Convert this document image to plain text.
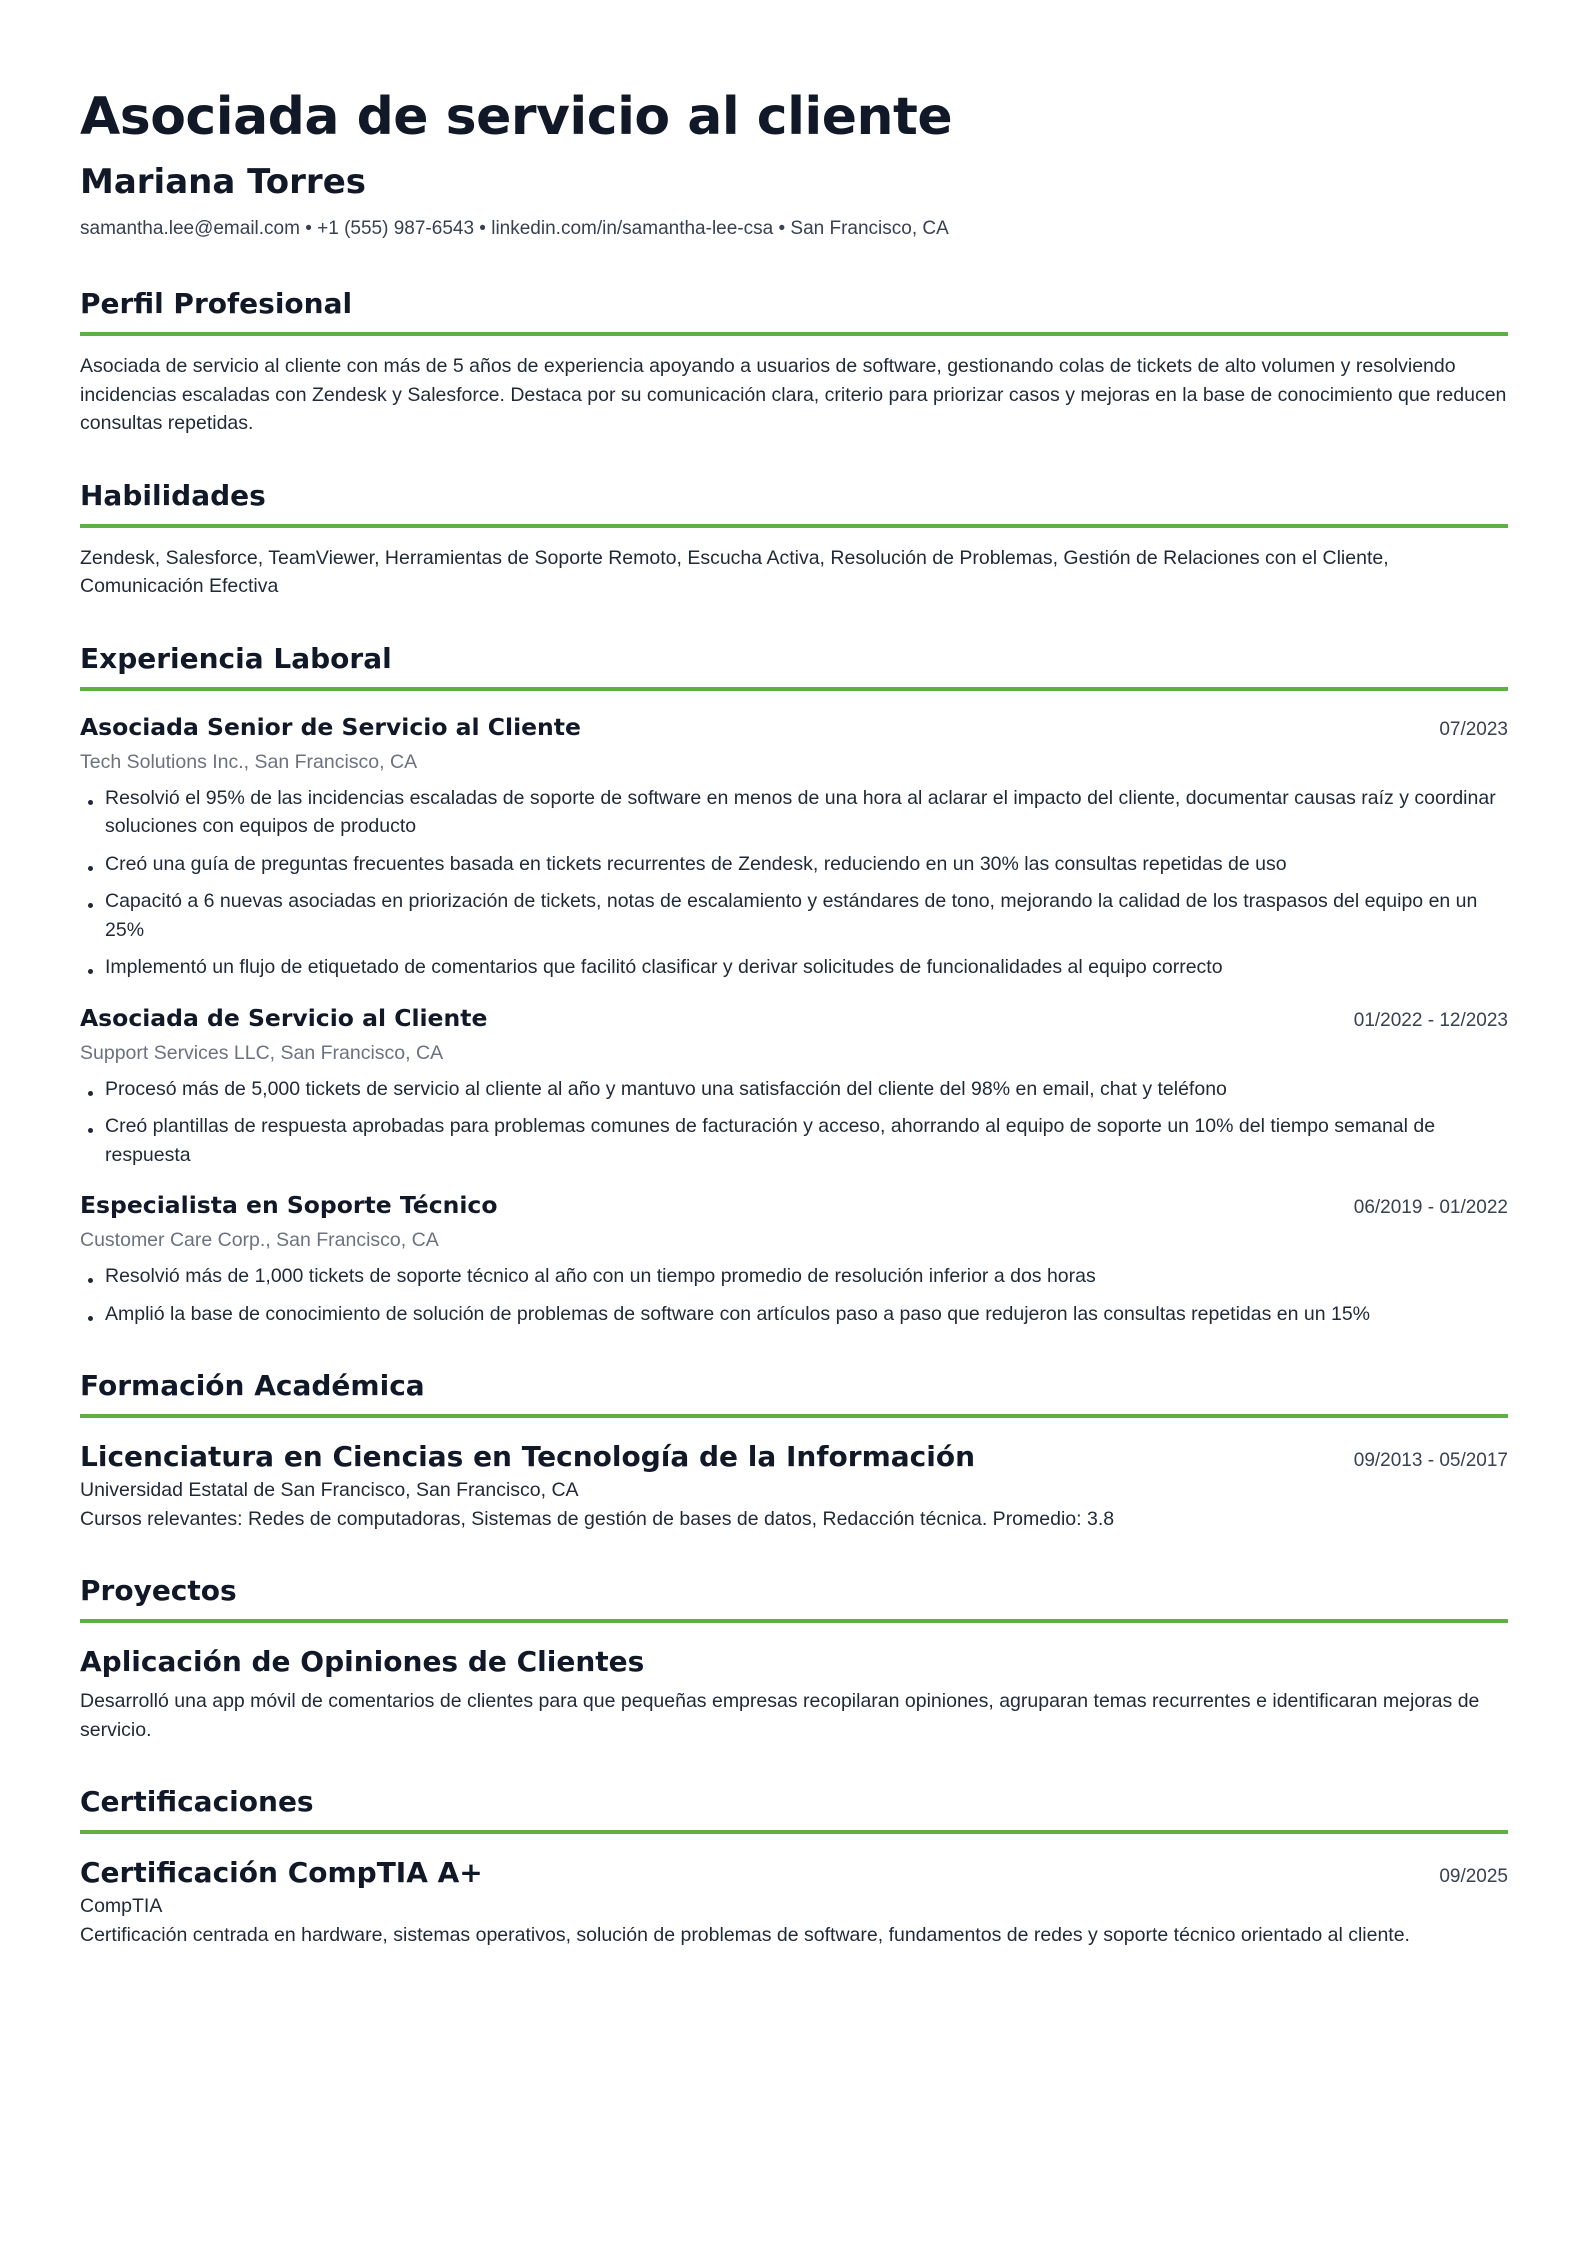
Asociada de servicio al cliente
Mariana Torres
samantha.lee@email.com • +1 (555) 987-6543 • linkedin.com/in/samantha-lee-csa • San Francisco, CA
Perfil Profesional
Asociada de servicio al cliente con más de 5 años de experiencia apoyando a usuarios de software, gestionando colas de tickets de alto volumen y resolviendo incidencias escaladas con Zendesk y Salesforce. Destaca por su comunicación clara, criterio para priorizar casos y mejoras en la base de conocimiento que reducen consultas repetidas.
Habilidades
Zendesk, Salesforce, TeamViewer, Herramientas de Soporte Remoto, Escucha Activa, Resolución de Problemas, Gestión de Relaciones con el Cliente, Comunicación Efectiva
Experiencia Laboral
Asociada Senior de Servicio al Cliente	07/2023
Tech Solutions Inc., San Francisco, CA
Resolvió el 95% de las incidencias escaladas de soporte de software en menos de una hora al aclarar el impacto del cliente, documentar causas raíz y coordinar soluciones con equipos de producto
Creó una guía de preguntas frecuentes basada en tickets recurrentes de Zendesk, reduciendo en un 30% las consultas repetidas de uso
Capacitó a 6 nuevas asociadas en priorización de tickets, notas de escalamiento y estándares de tono, mejorando la calidad de los traspasos del equipo en un 25%
Implementó un flujo de etiquetado de comentarios que facilitó clasificar y derivar solicitudes de funcionalidades al equipo correcto
Asociada de Servicio al Cliente	01/2022 - 12/2023
Support Services LLC, San Francisco, CA
Procesó más de 5,000 tickets de servicio al cliente al año y mantuvo una satisfacción del cliente del 98% en email, chat y teléfono
Creó plantillas de respuesta aprobadas para problemas comunes de facturación y acceso, ahorrando al equipo de soporte un 10% del tiempo semanal de respuesta
Especialista en Soporte Técnico	06/2019 - 01/2022
Customer Care Corp., San Francisco, CA
Resolvió más de 1,000 tickets de soporte técnico al año con un tiempo promedio de resolución inferior a dos horas
Amplió la base de conocimiento de solución de problemas de software con artículos paso a paso que redujeron las consultas repetidas en un 15%
Formación Académica
Licenciatura en Ciencias en Tecnología de la Información	09/2013 - 05/2017
Universidad Estatal de San Francisco, San Francisco, CA
Cursos relevantes: Redes de computadoras, Sistemas de gestión de bases de datos, Redacción técnica. Promedio: 3.8
Proyectos
Aplicación de Opiniones de Clientes
Desarrolló una app móvil de comentarios de clientes para que pequeñas empresas recopilaran opiniones, agruparan temas recurrentes e identificaran mejoras de servicio.
Certificaciones
Certificación CompTIA A+	09/2025
CompTIA
Certificación centrada en hardware, sistemas operativos, solución de problemas de software, fundamentos de redes y soporte técnico orientado al cliente.
